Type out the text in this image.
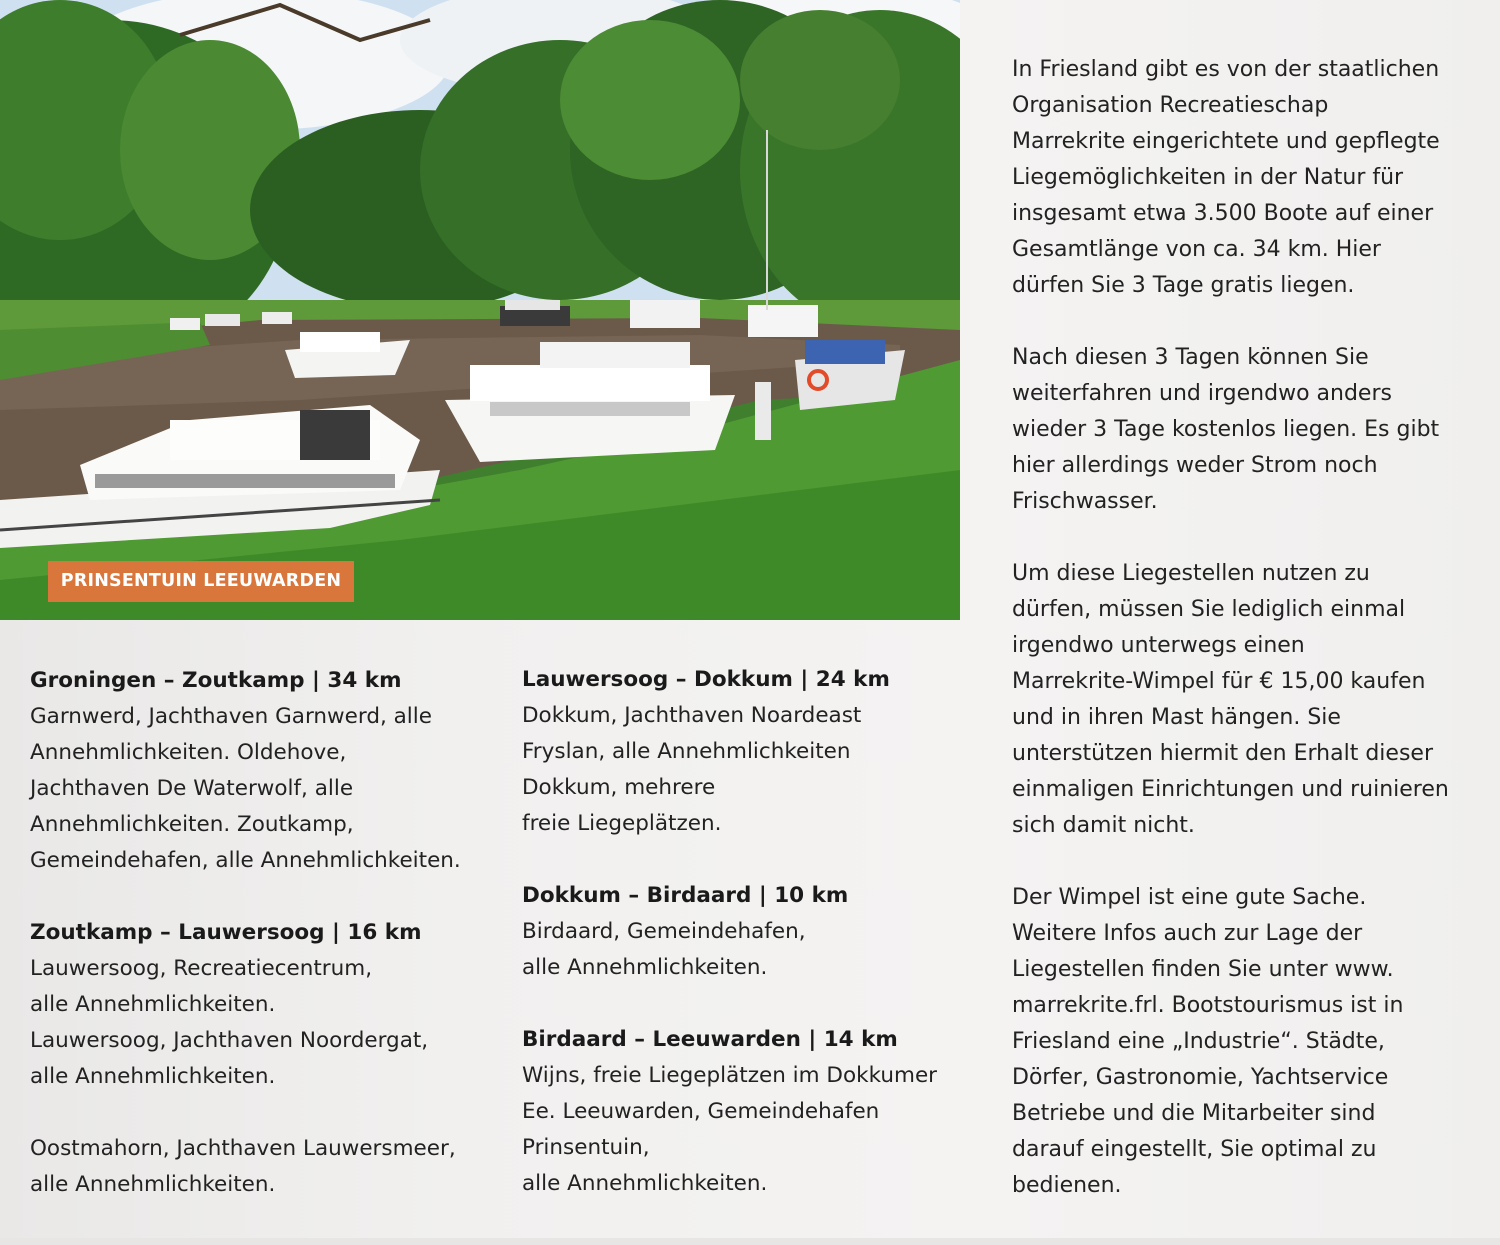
PRINSENTUIN LEEUWARDEN

Groningen – Zoutkamp | 34 km

Garnwerd, Jachthaven Garnwerd, alle

Annehmlichkeiten. Oldehove,

Jachthaven De Waterwolf, alle

Annehmlichkeiten. Zoutkamp,

Gemeindehafen, alle Annehmlichkeiten.

Zoutkamp – Lauwersoog | 16 km

Lauwersoog, Recreatiecentrum,

alle Annehmlichkeiten.

Lauwersoog, Jachthaven Noordergat,

alle Annehmlichkeiten.

Oostmahorn, Jachthaven Lauwersmeer,

alle Annehmlichkeiten.

Lauwersoog – Dokkum | 24 km

Dokkum, Jachthaven Noardeast

Fryslan, alle Annehmlichkeiten

Dokkum, mehrere

freie Liegeplätzen.

Dokkum – Birdaard | 10 km

Birdaard, Gemeindehafen,

alle Annehmlichkeiten.

Birdaard – Leeuwarden | 14 km

Wijns, freie Liegeplätzen im Dokkumer

Ee. Leeuwarden, Gemeindehafen

Prinsentuin,

alle Annehmlichkeiten.

In Friesland gibt es von der staatlichen

Organisation Recreatieschap

Marrekrite eingerichtete und gepflegte

Liegemöglichkeiten in der Natur für

insgesamt etwa 3.500 Boote auf einer

Gesamtlänge von ca. 34 km. Hier

dürfen Sie 3 Tage gratis liegen.

Nach diesen 3 Tagen können Sie

weiterfahren und irgendwo anders

wieder 3 Tage kostenlos liegen. Es gibt

hier allerdings weder Strom noch

Frischwasser.

Um diese Liegestellen nutzen zu

dürfen, müssen Sie lediglich einmal

irgendwo unterwegs einen

Marrekrite-Wimpel für € 15,00 kaufen

und in ihren Mast hängen. Sie

unterstützen hiermit den Erhalt dieser

einmaligen Einrichtungen und ruinieren

sich damit nicht.

Der Wimpel ist eine gute Sache.

Weitere Infos auch zur Lage der

Liegestellen finden Sie unter www.

marrekrite.frl. Bootstourismus ist in

Friesland eine „Industrie“. Städte,

Dörfer, Gastronomie, Yachtservice

Betriebe und die Mitarbeiter sind

darauf eingestellt, Sie optimal zu

bedienen.
